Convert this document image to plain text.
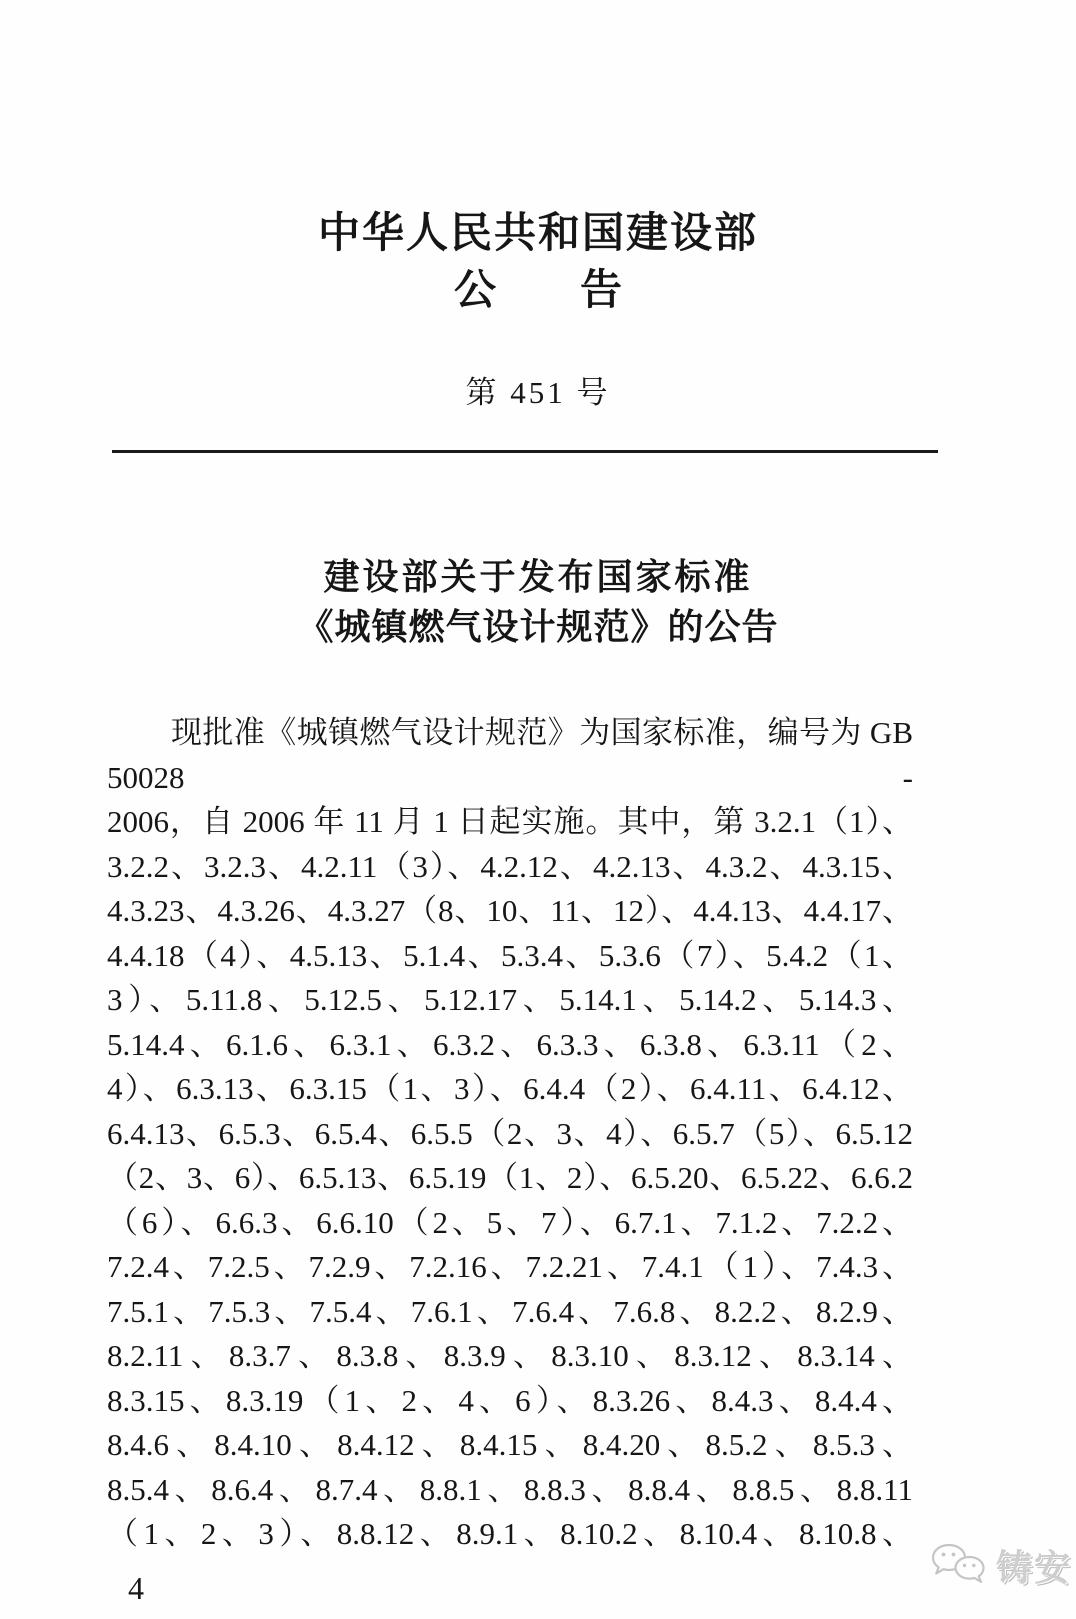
中华人民共和国建设部
公　　告
第 451 号
建设部关于发布国家标准
《城镇燃气设计规范》的公告
现批准《城镇燃气设计规范》为国家标准，编号为 GB 50028 -
2006，自 2006 年 11 月 1 日起实施。其中，第 3.2.1（1）、
3.2.2、3.2.3、4.2.11（3）、4.2.12、4.2.13、4.3.2、4.3.15、
4.3.23、4.3.26、4.3.27（8、10、11、12）、4.4.13、4.4.17、
4.4.18（4）、4.5.13、5.1.4、5.3.4、5.3.6（7）、5.4.2（1、
3）、5.11.8、5.12.5、5.12.17、5.14.1、5.14.2、5.14.3、
5.14.4、6.1.6、6.3.1、6.3.2、6.3.3、6.3.8、6.3.11（2、
4）、6.3.13、6.3.15（1、3）、6.4.4（2）、6.4.11、6.4.12、
6.4.13、6.5.3、6.5.4、6.5.5（2、3、4）、6.5.7（5）、6.5.12
（2、3、6）、6.5.13、6.5.19（1、2）、6.5.20、6.5.22、6.6.2
（6）、6.6.3、6.6.10（2、5、7）、6.7.1、7.1.2、7.2.2、
7.2.4、7.2.5、7.2.9、7.2.16、7.2.21、7.4.1（1）、7.4.3、
7.5.1、7.5.3、7.5.4、7.6.1、7.6.4、7.6.8、8.2.2、8.2.9、
8.2.11、8.3.7、8.3.8、8.3.9、8.3.10、8.3.12、8.3.14、
8.3.15、8.3.19（1、2、4、6）、8.3.26、8.4.3、8.4.4、
8.4.6、8.4.10、8.4.12、8.4.15、8.4.20、8.5.2、8.5.3、
8.5.4、8.6.4、8.7.4、8.8.1、8.8.3、8.8.4、8.8.5、8.8.11
（1、2、3）、8.8.12、8.9.1、8.10.2、8.10.4、8.10.8、
4	铸安
